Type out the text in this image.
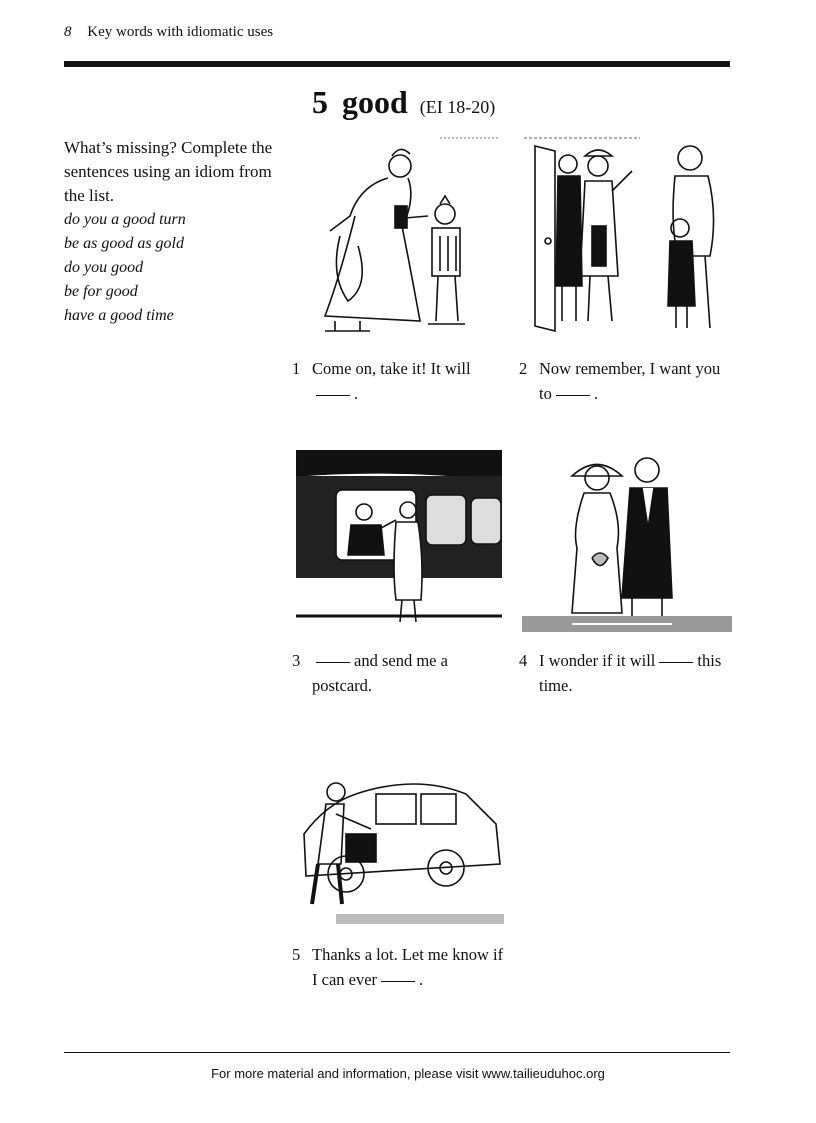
8 Key words with idiomatic uses
5 good (EI 18-20)
What’s missing? Complete the sentences using an idiom from the list.
do you a good turn
be as good as gold
do you good
be for good
have a good time
1 Come on, take it! It will.
2 Now remember, I want you to	.
3	and send me a postcard.
4 I wonder if it will	this time.
5 Thanks a lot. Let me know if I can ever	.
For more material and information, please visit www.tailieuduhoc.org
